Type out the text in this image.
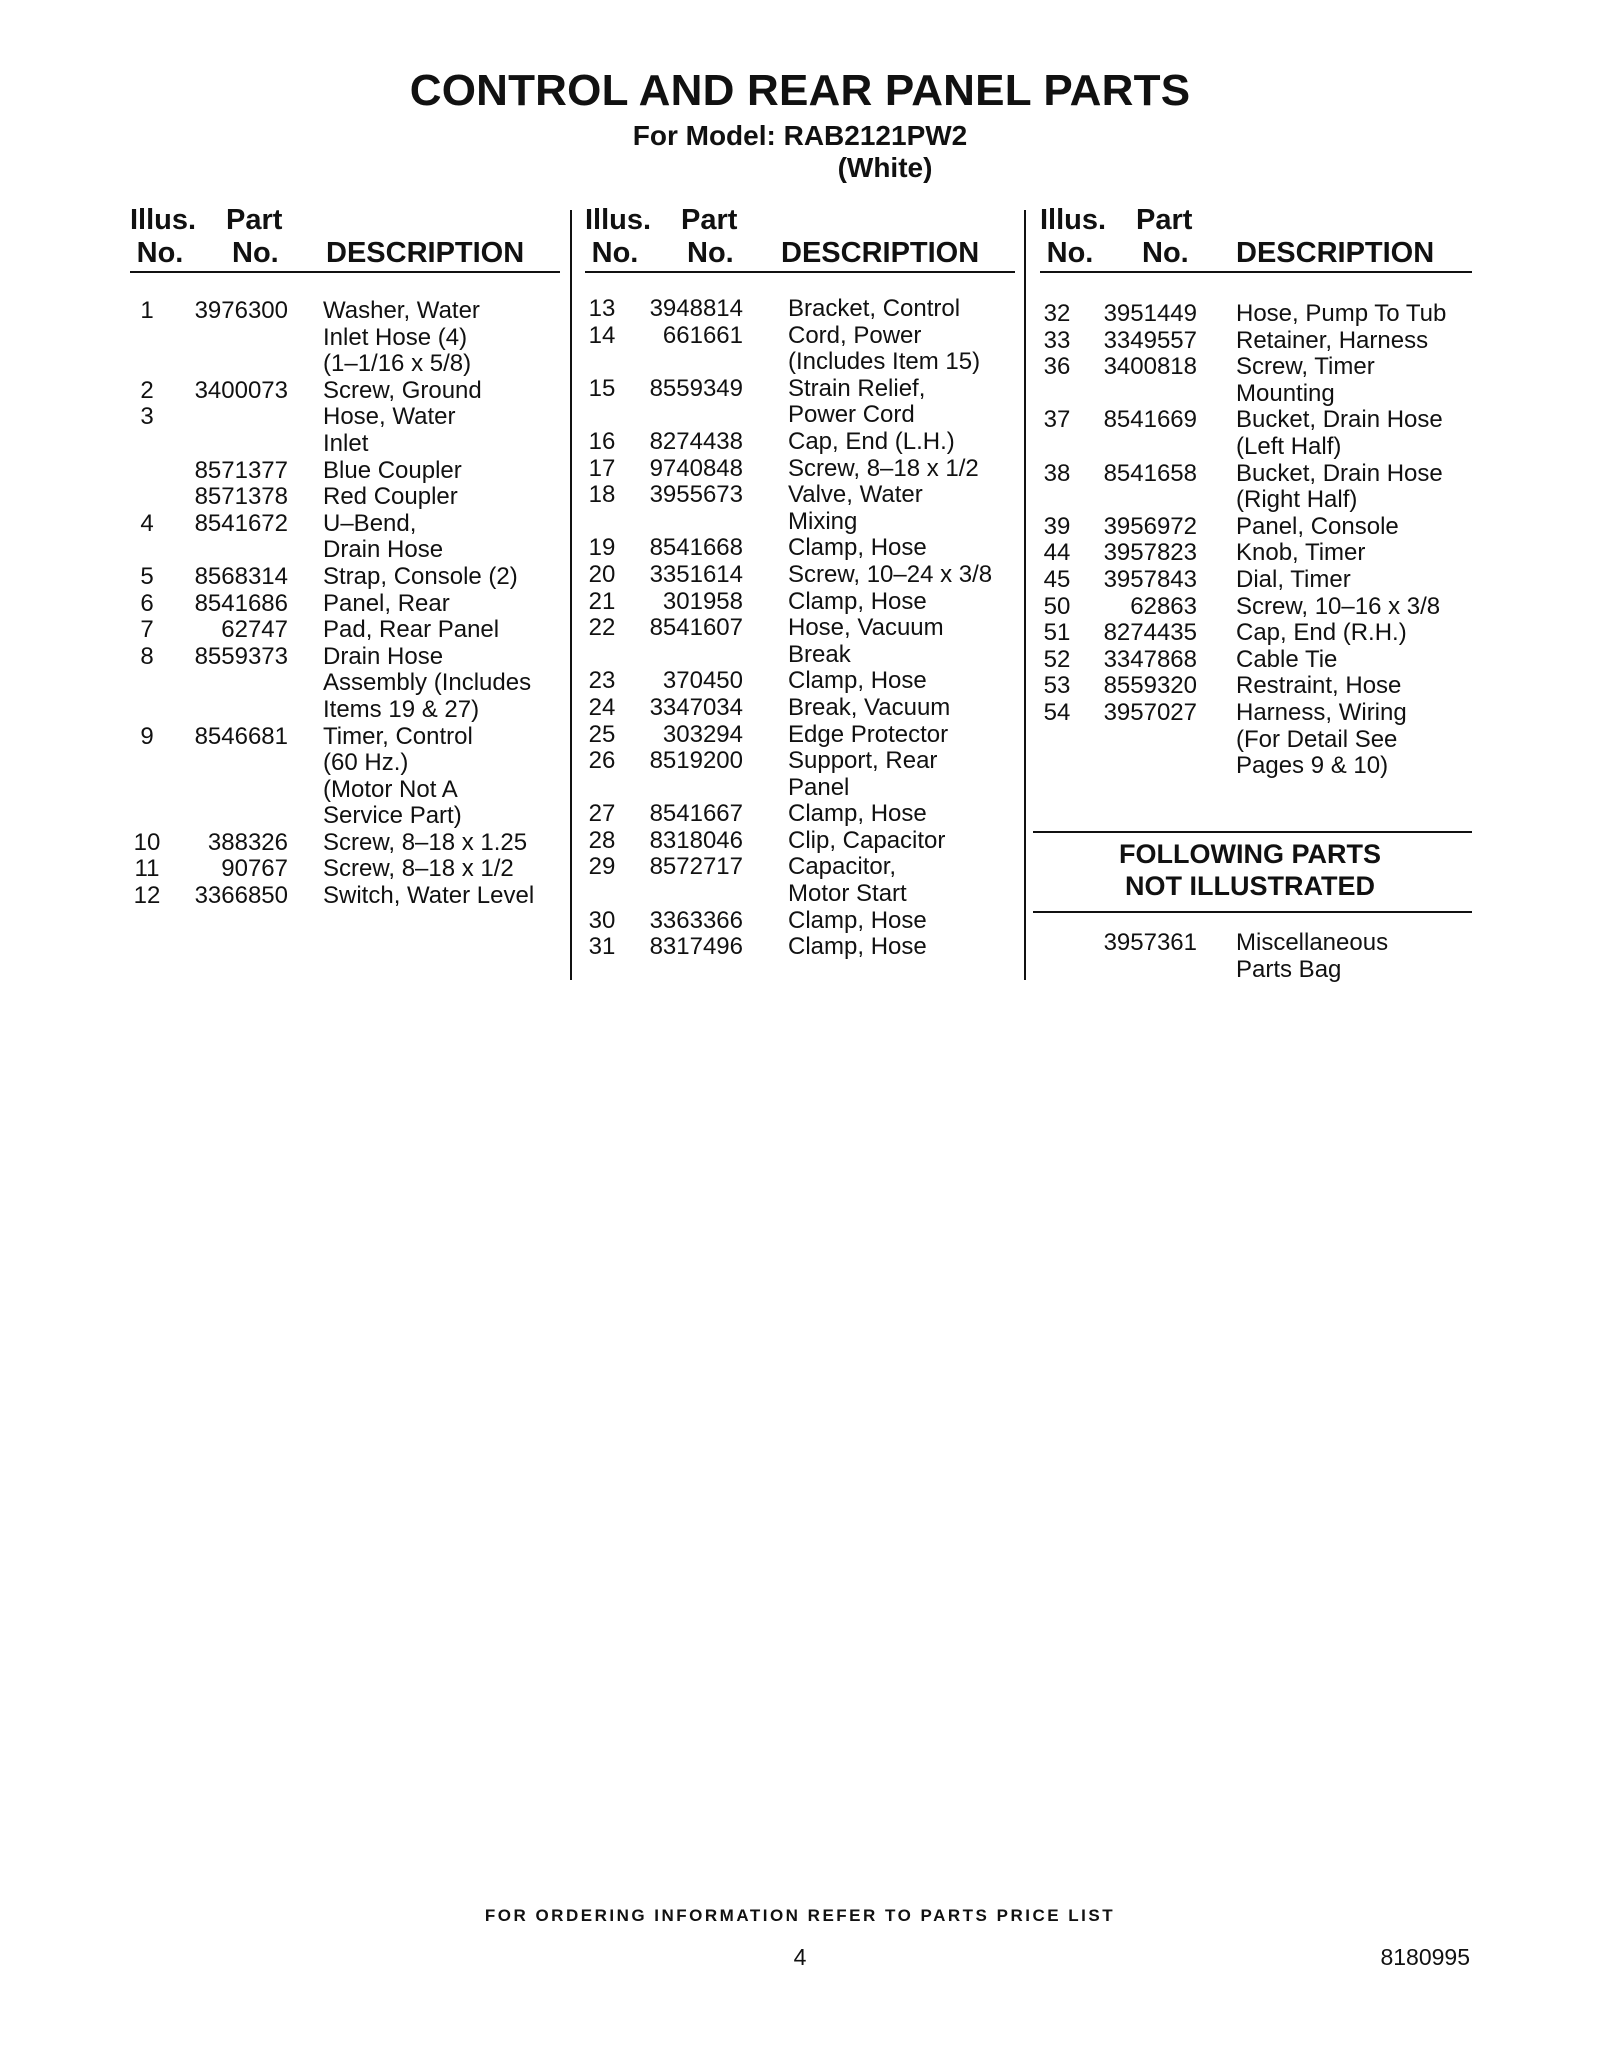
CONTROL AND REAR PANEL PARTS
For Model: RAB2121PW2
(White)
Illus.
No.
Part
No.	DESCRIPTION
1	3976300 Washer, Water
Inlet Hose (4)
(1–1/16 x 5/8)
2	3400073 Screw, Ground
3	Hose, Water
Inlet
8571377 Blue Coupler
8571378 Red Coupler
4	8541672 U–Bend,
Drain Hose
5	8568314 Strap, Console (2)
6	8541686 Panel, Rear
7	62747 Pad, Rear Panel
8	8559373 Drain Hose
Assembly (Includes
Items 19 & 27)
9	8546681 Timer, Control
(60 Hz.)
(Motor Not A
Service Part)
10	388326 Screw, 8–18 x 1.25
11	90767 Screw, 8–18 x 1/2
12 3366850 Switch, Water Level
Illus.
No.
Part
No.	DESCRIPTION
13 3948814 Bracket, Control
14	661661 Cord, Power
(Includes Item 15)
15 8559349 Strain Relief,
Power Cord
16 8274438 Cap, End (L.H.)
17 9740848 Screw, 8–18 x 1/2
18 3955673 Valve, Water
Mixing
19 8541668 Clamp, Hose
20 3351614 Screw, 10–24 x 3/8
21	301958 Clamp, Hose
22 8541607 Hose, Vacuum
Break
23	370450 Clamp, Hose
24 3347034 Break, Vacuum
25	303294 Edge Protector
26 8519200 Support, Rear
Panel
27 8541667 Clamp, Hose
28 8318046 Clip, Capacitor
29 8572717 Capacitor,
Motor Start
30 3363366 Clamp, Hose
31 8317496 Clamp, Hose
Illus.
No.
Part
No.	DESCRIPTION
32 3951449 Hose, Pump To Tub
33 3349557 Retainer, Harness
36 3400818 Screw, Timer
Mounting
37 8541669 Bucket, Drain Hose
(Left Half)
38 8541658 Bucket, Drain Hose
(Right Half)
39 3956972 Panel, Console
44 3957823 Knob, Timer
45 3957843 Dial, Timer
50	62863 Screw, 10–16 x 3/8
51 8274435 Cap, End (R.H.)
52 3347868 Cable Tie
53 8559320 Restraint, Hose
54 3957027 Harness, Wiring
(For Detail See
Pages 9 & 10)
FOLLOWING PARTS
NOT ILLUSTRATED
3957361 Miscellaneous
Parts Bag
FOR ORDERING INFORMATION REFER TO PARTS PRICE LIST
4	8180995
